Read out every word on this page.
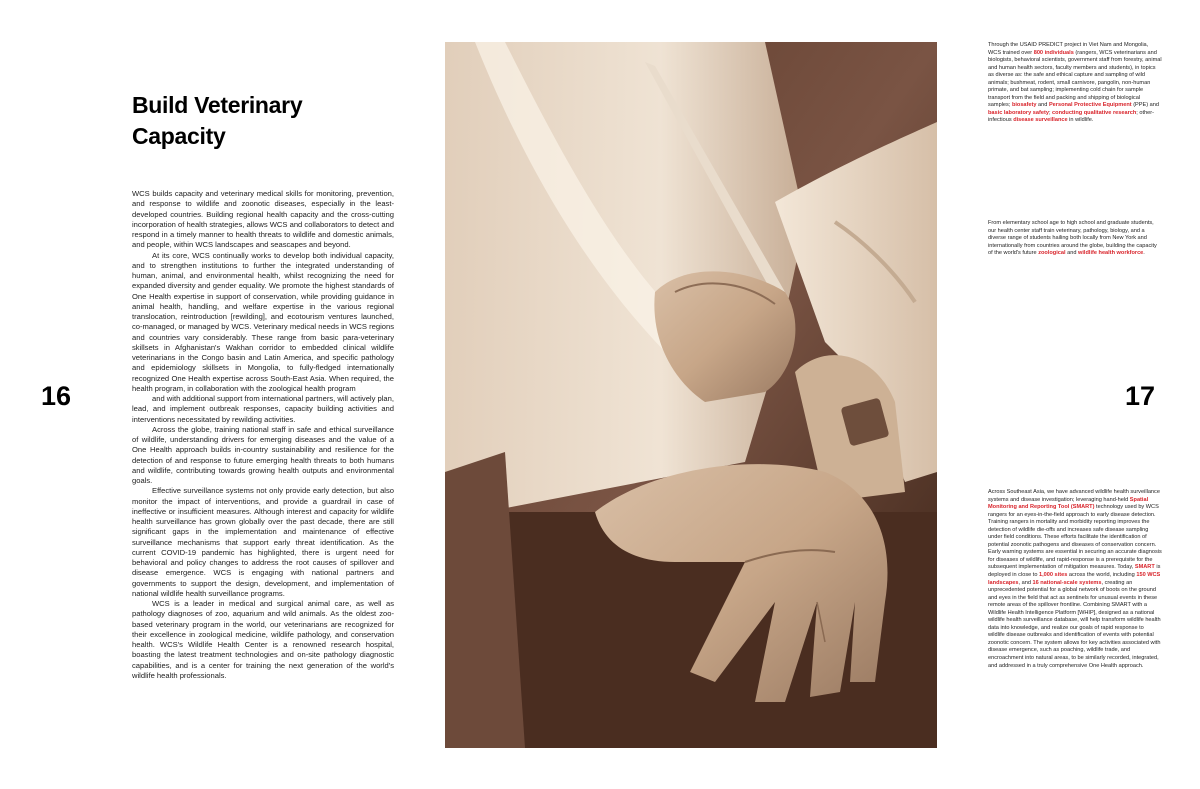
16	17
Build Veterinary
Capacity

WCS builds capacity and veterinary medical skills for monitoring, prevention, and response to wildlife and zoonotic diseases, especially in the least-developed countries. Building regional health capacity and the cross-cutting incorporation of health strategies, allows WCS and collaborators to detect and respond in a timely manner to health threats to wildlife and domestic animals, and people, within WCS landscapes and seascapes and beyond.

At its core, WCS continually works to develop both individual capacity, and to strengthen institutions to further the integrated understanding of human, animal, and environmental health, whilst recognizing the need for expanded diversity and gender equality. We promote the highest standards of One Health expertise in support of conservation, while providing guidance in animal health, handling, and welfare expertise in the various regional translocation, reintroduction [rewilding], and ecotourism ventures launched, co-managed, or managed by WCS. Veterinary medical needs in WCS regions and countries vary considerably. These range from basic para-veterinary skillsets in Afghanistan's Wakhan corridor to embedded clinical wildlife veterinarians in the Congo basin and Latin America, and specific pathology and epidemiology skillsets in Mongolia, to fully-fledged internationally recognized One Health expertise across South-East Asia. When required, the health program, in collaboration with the zoological health program

and with additional support from international partners, will actively plan, lead, and implement outbreak responses, capacity building activities and interventions necessitated by rewilding activities.

Across the globe, training national staff in safe and ethical surveillance of wildlife, understanding drivers for emerging diseases and the value of a One Health approach builds in-country sustainability and resilience for the detection of and response to future emerging health threats to both humans and wildlife, contributing towards growing health outputs and environmental goals.

Effective surveillance systems not only provide early detection, but also monitor the impact of interventions, and provide a guardrail in case of ineffective or insufficient measures. Although interest and capacity for wildlife health surveillance has grown globally over the past decade, there are still significant gaps in the implementation and maintenance of effective surveillance mechanisms that support early threat identification. As the current COVID-19 pandemic has highlighted, there is urgent need for behavioral and policy changes to address the root causes of spillover and disease emergence. WCS is engaging with national partners and governments to support the design, development, and implementation of national wildlife health surveillance programs.

WCS is a leader in medical and surgical animal care, as well as pathology diagnoses of zoo, aquarium and wild animals. As the oldest zoo-based veterinary program in the world, our veterinarians are recognized for their excellence in zoological medicine, wildlife pathology, and conservation health. WCS's Wildlife Health Center is a renowned research hospital, boasting the latest treatment technologies and on-site pathology diagnostic capabilities, and is a center for training the next generation of the world's wildlife health professionals.

Through the USAID PREDICT project in Viet Nam and Mongolia, WCS trained over 800 individuals (rangers, WCS veterinarians and biologists, behavioral scientists, government staff from forestry, animal and human health sectors, faculty members and students), in topics as diverse as: the safe and ethical capture and sampling of wild animals; bushmeat, rodent, small carnivore, pangolin, non-human primate, and bat sampling; implementing cold chain for sample transport from the field and packing and shipping of biological samples; biosafety and Personal Protective Equipment (PPE) and basic laboratory safety; conducting qualitative research; other-infectious disease surveillance in wildlife.
From elementary school age to high school and graduate students, our health center staff train veterinary, pathology, biology, and a diverse range of students hailing both locally from New York and internationally from countries around the globe, building the capacity of the world's future zoological and wildlife health workforce.
Across Southeast Asia, we have advanced wildlife health surveillance systems and disease investigation; leveraging hand-held Spatial Monitoring and Reporting Tool (SMART) technology used by WCS rangers for an eyes-in-the-field approach to early disease detection. Training rangers in mortality and morbidity reporting improves the detection of wildlife die-offs and increases safe disease sampling under field conditions. These efforts facilitate the identification of potential zoonotic pathogens and diseases of conservation concern. Early warning systems are essential in securing an accurate diagnosis for diseases of wildlife, and rapid-response is a prerequisite for the subsequent implementation of mitigation measures. Today, SMART is deployed in close to 1,000 sites across the world, including 150 WCS landscapes, and 16 national-scale systems, creating an unprecedented potential for a global network of boots on the ground and eyes in the field that act as sentinels for unusual events in these remote areas of the spillover frontline. Combining SMART with a Wildlife Health Intelligence Platform [WHIP], designed as a national wildlife health surveillance database, will help transform wildlife health data into knowledge, and realize our goals of rapid response to wildlife disease outbreaks and identification of events with potential zoonotic concern. The system allows for key activities associated with disease emergence, such as poaching, wildlife trade, and encroachment into natural areas, to be similarly recorded, integrated, and addressed in a truly comprehensive One Health approach.
